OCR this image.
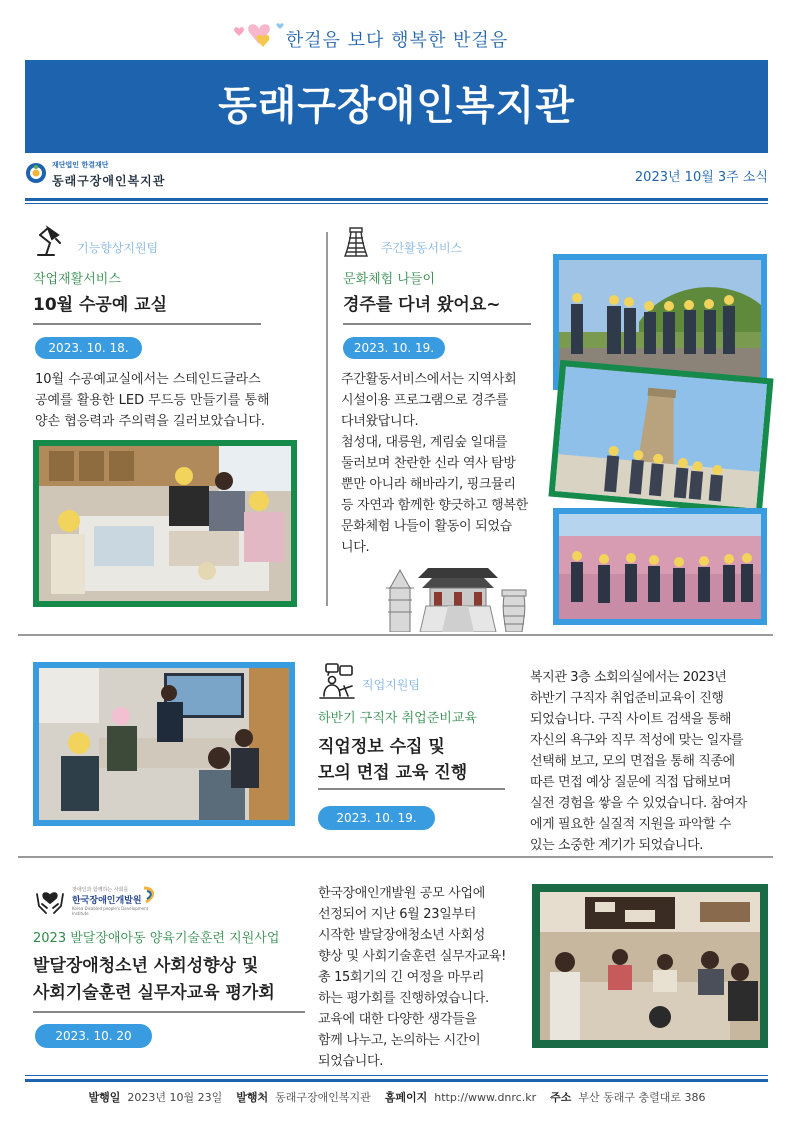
한걸음 보다 행복한 반걸음
동래구장애인복지관
재단법인 한결재단
동래구장애인복지관	2023년 10월 3주 소식
기능향상지원팀
작업재활서비스
10월 수공예 교실
2023. 10. 18.
10월 수공예교실에서는 스테인드글라스
공예를 활용한 LED 무드등 만들기를 통해
양손 협응력과 주의력을 길러보았습니다.
주간활동서비스
문화체험 나들이
경주를 다녀 왔어요~
2023. 10. 19.
주간활동서비스에서는 지역사회
시설이용 프로그램으로 경주를
다녀왔답니다.
첨성대, 대릉원, 계림숲 일대를
둘러보며 찬란한 신라 역사 탐방
뿐만 아니라 해바라기, 핑크뮬리
등 자연과 함께한 향긋하고 행복한
문화체험 나들이 활동이 되었습
니다.
직업지원팀
하반기 구직자 취업준비교육
직업정보 수집 및
모의 면접 교육 진행
2023. 10. 19.
복지관 3층 소회의실에서는 2023년
하반기 구직자 취업준비교육이 진행
되었습니다. 구직 사이트 검색을 통해
자신의 욕구와 직무 적성에 맞는 일자를
선택해 보고, 모의 면접을 통해 직종에
따른 면접 예상 질문에 직접 답해보며
실전 경험을 쌓을 수 있었습니다. 참여자
에게 필요한 실질적 지원을 파악할 수
있는 소중한 계기가 되었습니다.
장애인과 함께하는 사회를
한국장애인개발원
Korea Disabled people's Development Institute
2023 발달장애아동 양육기술훈련 지원사업
발달장애청소년 사회성향상 및
사회기술훈련 실무자교육 평가회
2023. 10. 20
한국장애인개발원 공모 사업에
선정되어 지난 6월 23일부터
시작한 발달장애청소년 사회성
향상 및 사회기술훈련 실무자교육!
총 15회기의 긴 여정을 마무리
하는 평가회를 진행하였습니다.
교육에 대한 다양한 생각들을
함께 나누고, 논의하는 시간이
되었습니다.
발행일 2023년 10월 23일 발행처 동래구장애인복지관 홈페이지 http://www.dnrc.kr 주소 부산 동래구 충렬대로 386
